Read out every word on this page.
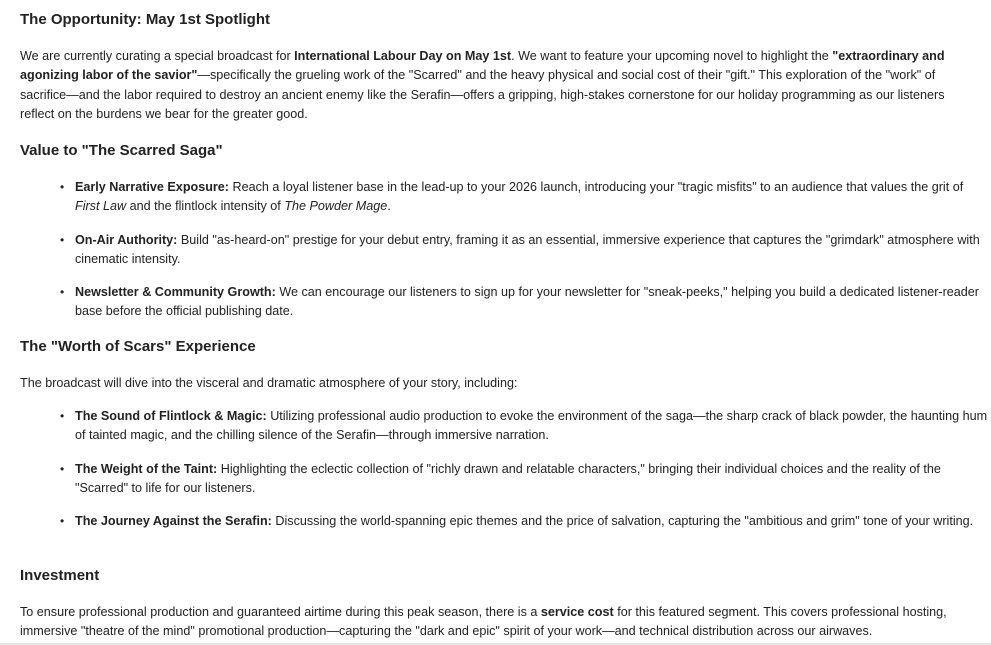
The Opportunity: May 1st Spotlight

We are currently curating a special broadcast for International Labour Day on May 1st. We want to feature your upcoming novel to highlight the "extraordinary and agonizing labor of the savior"—specifically the grueling work of the "Scarred" and the heavy physical and social cost of their "gift." This exploration of the "work" of sacrifice—and the labor required to destroy an ancient enemy like the Serafin—offers a gripping, high-stakes cornerstone for our holiday programming as our listeners reflect on the burdens we bear for the greater good.

Value to "The Scarred Saga"
• Early Narrative Exposure: Reach a loyal listener base in the lead-up to your 2026 launch, introducing your "tragic misfits" to an audience that values the grit of First Law and the flintlock intensity of The Powder Mage.
• On-Air Authority: Build "as-heard-on" prestige for your debut entry, framing it as an essential, immersive experience that captures the "grimdark" atmosphere with cinematic intensity.
• Newsletter & Community Growth: We can encourage our listeners to sign up for your newsletter for "sneak-peeks," helping you build a dedicated listener-reader base before the official publishing date.
The "Worth of Scars" Experience

The broadcast will dive into the visceral and dramatic atmosphere of your story, including:

• The Sound of Flintlock & Magic: Utilizing professional audio production to evoke the environment of the saga—the sharp crack of black powder, the haunting hum of tainted magic, and the chilling silence of the Serafin—through immersive narration.
• The Weight of the Taint: Highlighting the eclectic collection of "richly drawn and relatable characters," bringing their individual choices and the reality of the "Scarred" to life for our listeners.
• The Journey Against the Serafin: Discussing the world-spanning epic themes and the price of salvation, capturing the "ambitious and grim" tone of your writing.
Investment

To ensure professional production and guaranteed airtime during this peak season, there is a service cost for this featured segment. This covers professional hosting, immersive "theatre of the mind" promotional production—capturing the "dark and epic" spirit of your work—and technical distribution across our airwaves.
